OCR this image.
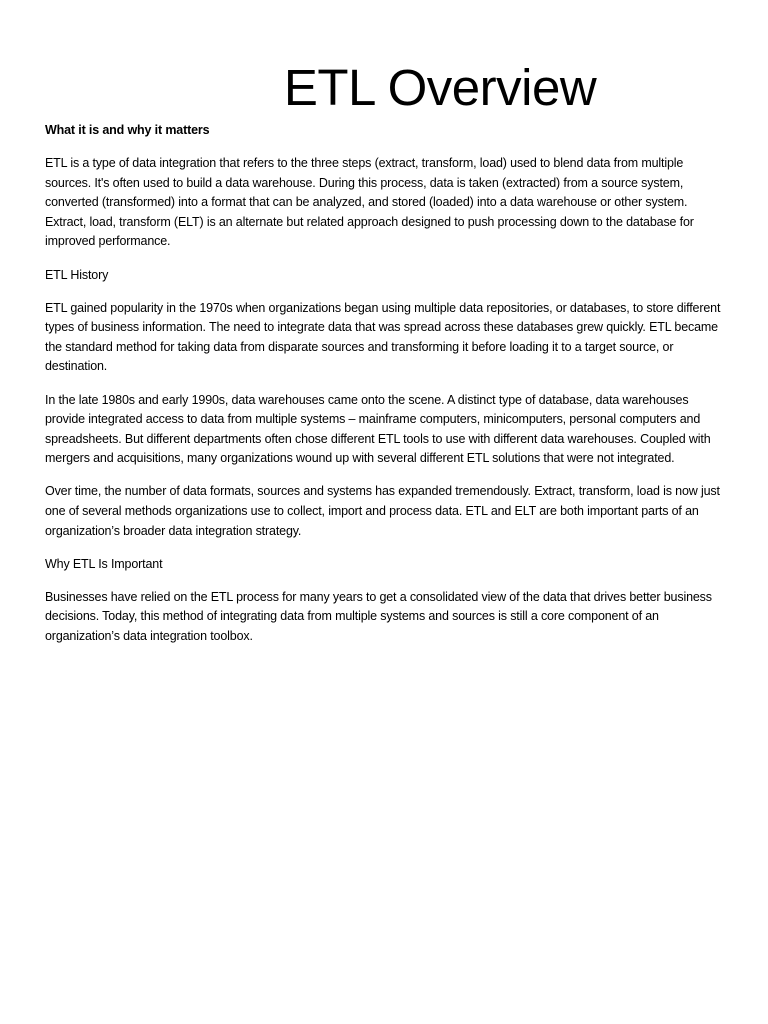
ETL Overview

What it is and why it matters

ETL is a type of data integration that refers to the three steps (extract, transform, load) used to blend data from multiple sources. It's often used to build a data warehouse. During this process, data is taken (extracted) from a source system, converted (transformed) into a format that can be analyzed, and stored (loaded) into a data warehouse or other system. Extract, load, transform (ELT) is an alternate but related approach designed to push processing down to the database for improved performance.

ETL History

ETL gained popularity in the 1970s when organizations began using multiple data repositories, or databases, to store different types of business information. The need to integrate data that was spread across these databases grew quickly. ETL became the standard method for taking data from disparate sources and transforming it before loading it to a target source, or destination.

In the late 1980s and early 1990s, data warehouses came onto the scene. A distinct type of database, data warehouses provide integrated access to data from multiple systems – mainframe computers, minicomputers, personal computers and spreadsheets. But different departments often chose different ETL tools to use with different data warehouses. Coupled with mergers and acquisitions, many organizations wound up with several different ETL solutions that were not integrated.

Over time, the number of data formats, sources and systems has expanded tremendously. Extract, transform, load is now just one of several methods organizations use to collect, import and process data. ETL and ELT are both important parts of an organization’s broader data integration strategy.

Why ETL Is Important

Businesses have relied on the ETL process for many years to get a consolidated view of the data that drives better business decisions. Today, this method of integrating data from multiple systems and sources is still a core component of an organization’s data integration toolbox.
